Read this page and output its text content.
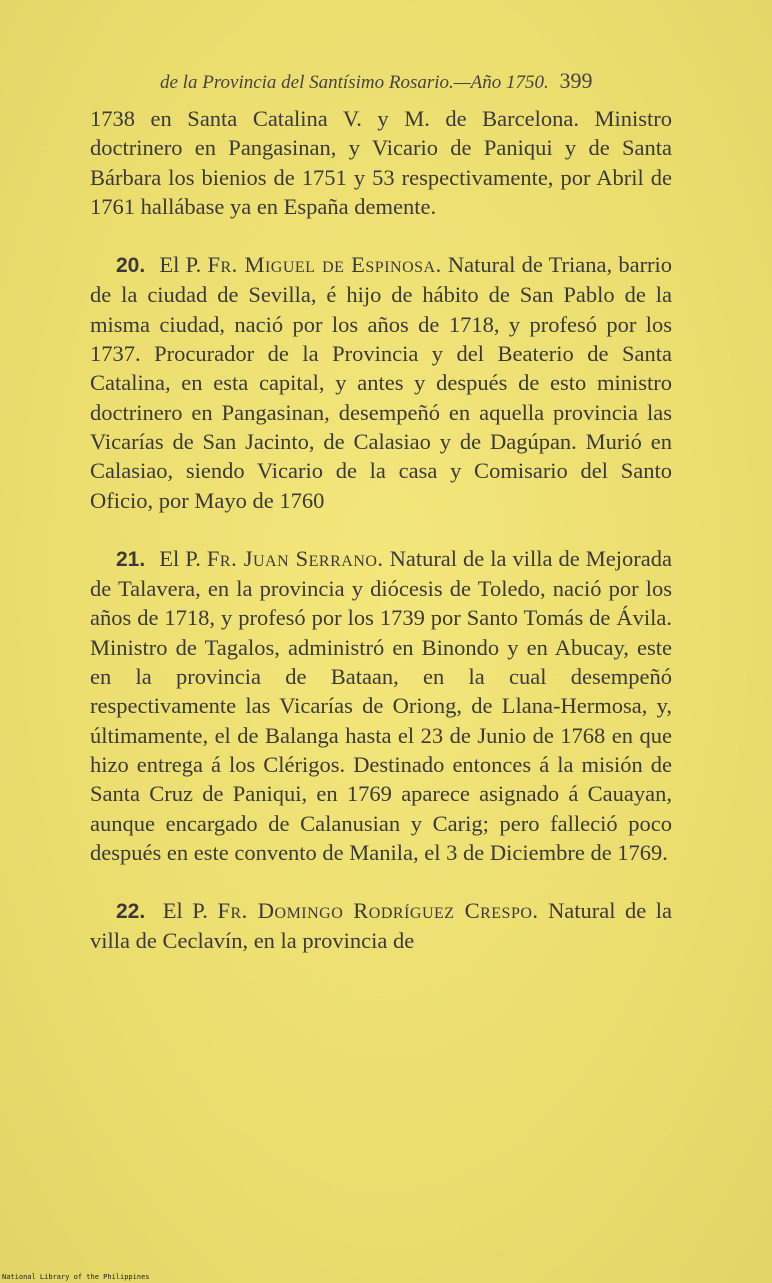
de la Provincia del Santísimo Rosario.—Año 1750. 399

1738 en Santa Catalina V. y M. de Barcelona. Ministro doctrinero en Pangasinan, y Vicario de Paniqui y de Santa Bárbara los bienios de 1751 y 53 respectivamente, por Abril de 1761 hallábase ya en España demente.

20. El P. Fr. Miguel de Espinosa. Natural de Triana, barrio de la ciudad de Sevilla, é hijo de hábito de San Pablo de la misma ciudad, nació por los años de 1718, y profesó por los 1737. Procurador de la Provincia y del Beaterio de Santa Catalina, en esta capital, y antes y después de esto ministro doctrinero en Pangasinan, desempeñó en aquella provincia las Vicarías de San Jacinto, de Calasiao y de Dagúpan. Murió en Calasiao, siendo Vicario de la casa y Comisario del Santo Oficio, por Mayo de 1760

21. El P. Fr. Juan Serrano. Natural de la villa de Mejorada de Talavera, en la provincia y diócesis de Toledo, nació por los años de 1718, y profesó por los 1739 por Santo Tomás de Ávila. Ministro de Tagalos, administró en Binondo y en Abucay, este en la provincia de Bataan, en la cual desempeñó respectivamente las Vicarías de Oriong, de Llana-Hermosa, y, últimamente, el de Balanga hasta el 23 de Junio de 1768 en que hizo entrega á los Clérigos. Destinado entonces á la misión de Santa Cruz de Paniqui, en 1769 aparece asignado á Cauayan, aunque encargado de Calanusian y Carig; pero falleció poco después en este convento de Manila, el 3 de Diciembre de 1769.

22. El P. Fr. Domingo Rodríguez Crespo. Natural de la villa de Ceclavín, en la provincia de

National Library of the Philippines
